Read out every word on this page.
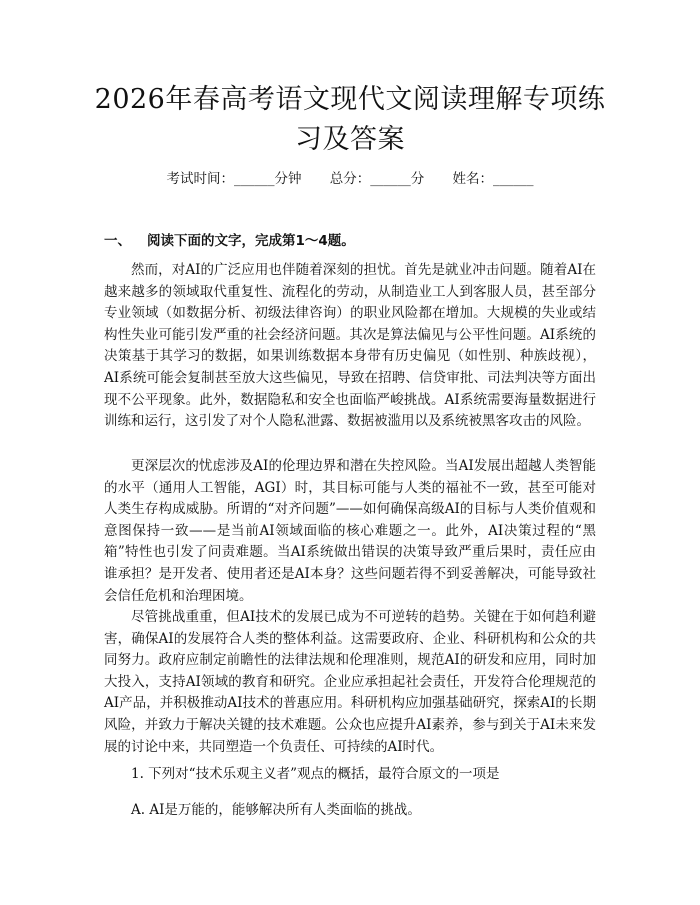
2026年春高考语文现代文阅读理解专项练习及答案
考试时间：______分钟 总分：______分 姓名：______

一、 阅读下面的文字，完成第1～4题。

然而，对AI的广泛应用也伴随着深刻的担忧。首先是就业冲击问题。随着AI在越来越多的领域取代重复性、流程化的劳动，从制造业工人到客服人员，甚至部分专业领域（如数据分析、初级法律咨询）的职业风险都在增加。大规模的失业或结构性失业可能引发严重的社会经济问题。其次是算法偏见与公平性问题。AI系统的决策基于其学习的数据，如果训练数据本身带有历史偏见（如性别、种族歧视），AI系统可能会复制甚至放大这些偏见，导致在招聘、信贷审批、司法判决等方面出现不公平现象。此外，数据隐私和安全也面临严峻挑战。AI系统需要海量数据进行训练和运行，这引发了对个人隐私泄露、数据被滥用以及系统被黑客攻击的风险。

更深层次的忧虑涉及AI的伦理边界和潜在失控风险。当AI发展出超越人类智能的水平（通用人工智能，AGI）时，其目标可能与人类的福祉不一致，甚至可能对人类生存构成威胁。所谓的“对齐问题”——如何确保高级AI的目标与人类价值观和意图保持一致——是当前AI领域面临的核心难题之一。此外，AI决策过程的“黑箱”特性也引发了问责难题。当AI系统做出错误的决策导致严重后果时，责任应由谁承担？是开发者、使用者还是AI本身？这些问题若得不到妥善解决，可能导致社会信任危机和治理困境。

尽管挑战重重，但AI技术的发展已成为不可逆转的趋势。关键在于如何趋利避害，确保AI的发展符合人类的整体利益。这需要政府、企业、科研机构和公众的共同努力。政府应制定前瞻性的法律法规和伦理准则，规范AI的研发和应用，同时加大投入，支持AI领域的教育和研究。企业应承担起社会责任，开发符合伦理规范的AI产品，并积极推动AI技术的普惠应用。科研机构应加强基础研究，探索AI的长期风险，并致力于解决关键的技术难题。公众也应提升AI素养，参与到关于AI未来发展的讨论中来，共同塑造一个负责任、可持续的AI时代。

1. 下列对“技术乐观主义者”观点的概括，最符合原文的一项是

A. AI是万能的，能够解决所有人类面临的挑战。
